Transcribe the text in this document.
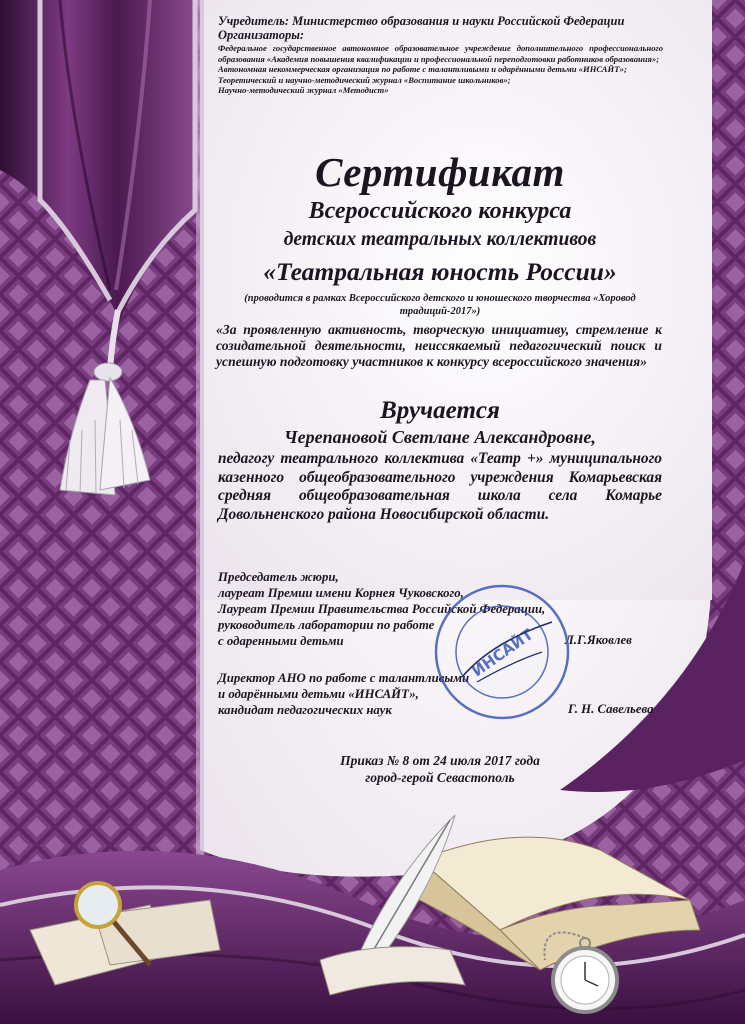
Учредитель: Министерство образования и науки Российской Федерации
Организаторы:
Федеральное государственное автономное образовательное учреждение дополнительного профессионального образования «Академия повышения квалификации и профессиональной переподготовки работников образования»;
Автономная некоммерческая организация по работе с талантливыми и одарёнными детьми «ИНСАЙТ»;
Теоретический и научно-методический журнал «Воспитание школьников»;
Научно-методический журнал «Методист»
Сертификат
Всероссийского конкурса
детских театральных коллективов
«Театральная юность России»
(проводится в рамках Всероссийского детского и юношеского творчества «Хоровод традиций-2017»)
«За проявленную активность, творческую инициативу, стремление к созидательной деятельности, неиссякаемый педагогический поиск и успешную подготовку участников к конкурсу всероссийского значения»
Вручается
Черепановой Светлане Александровне,
педагогу театрального коллектива «Театр +» муниципального казенного общеобразовательного учреждения Комарьевская средняя общеобразовательная школа села Комарье Довольненского района Новосибирской области.
Председатель жюри,
лауреат Премии имени Корнея Чуковского,
Лауреат Премии Правительства Российской Федерации,
руководитель лаборатории по работе
с одаренными детьми	Л.Г.Яковлев
Директор АНО по работе с талантливыми
и одарёнными детьми «ИНСАЙТ»,
кандидат педагогических наук	Г. Н. Савельева
ИНСАЙТ
Приказ № 8 от 24 июля 2017 года
город-герой Севастополь
